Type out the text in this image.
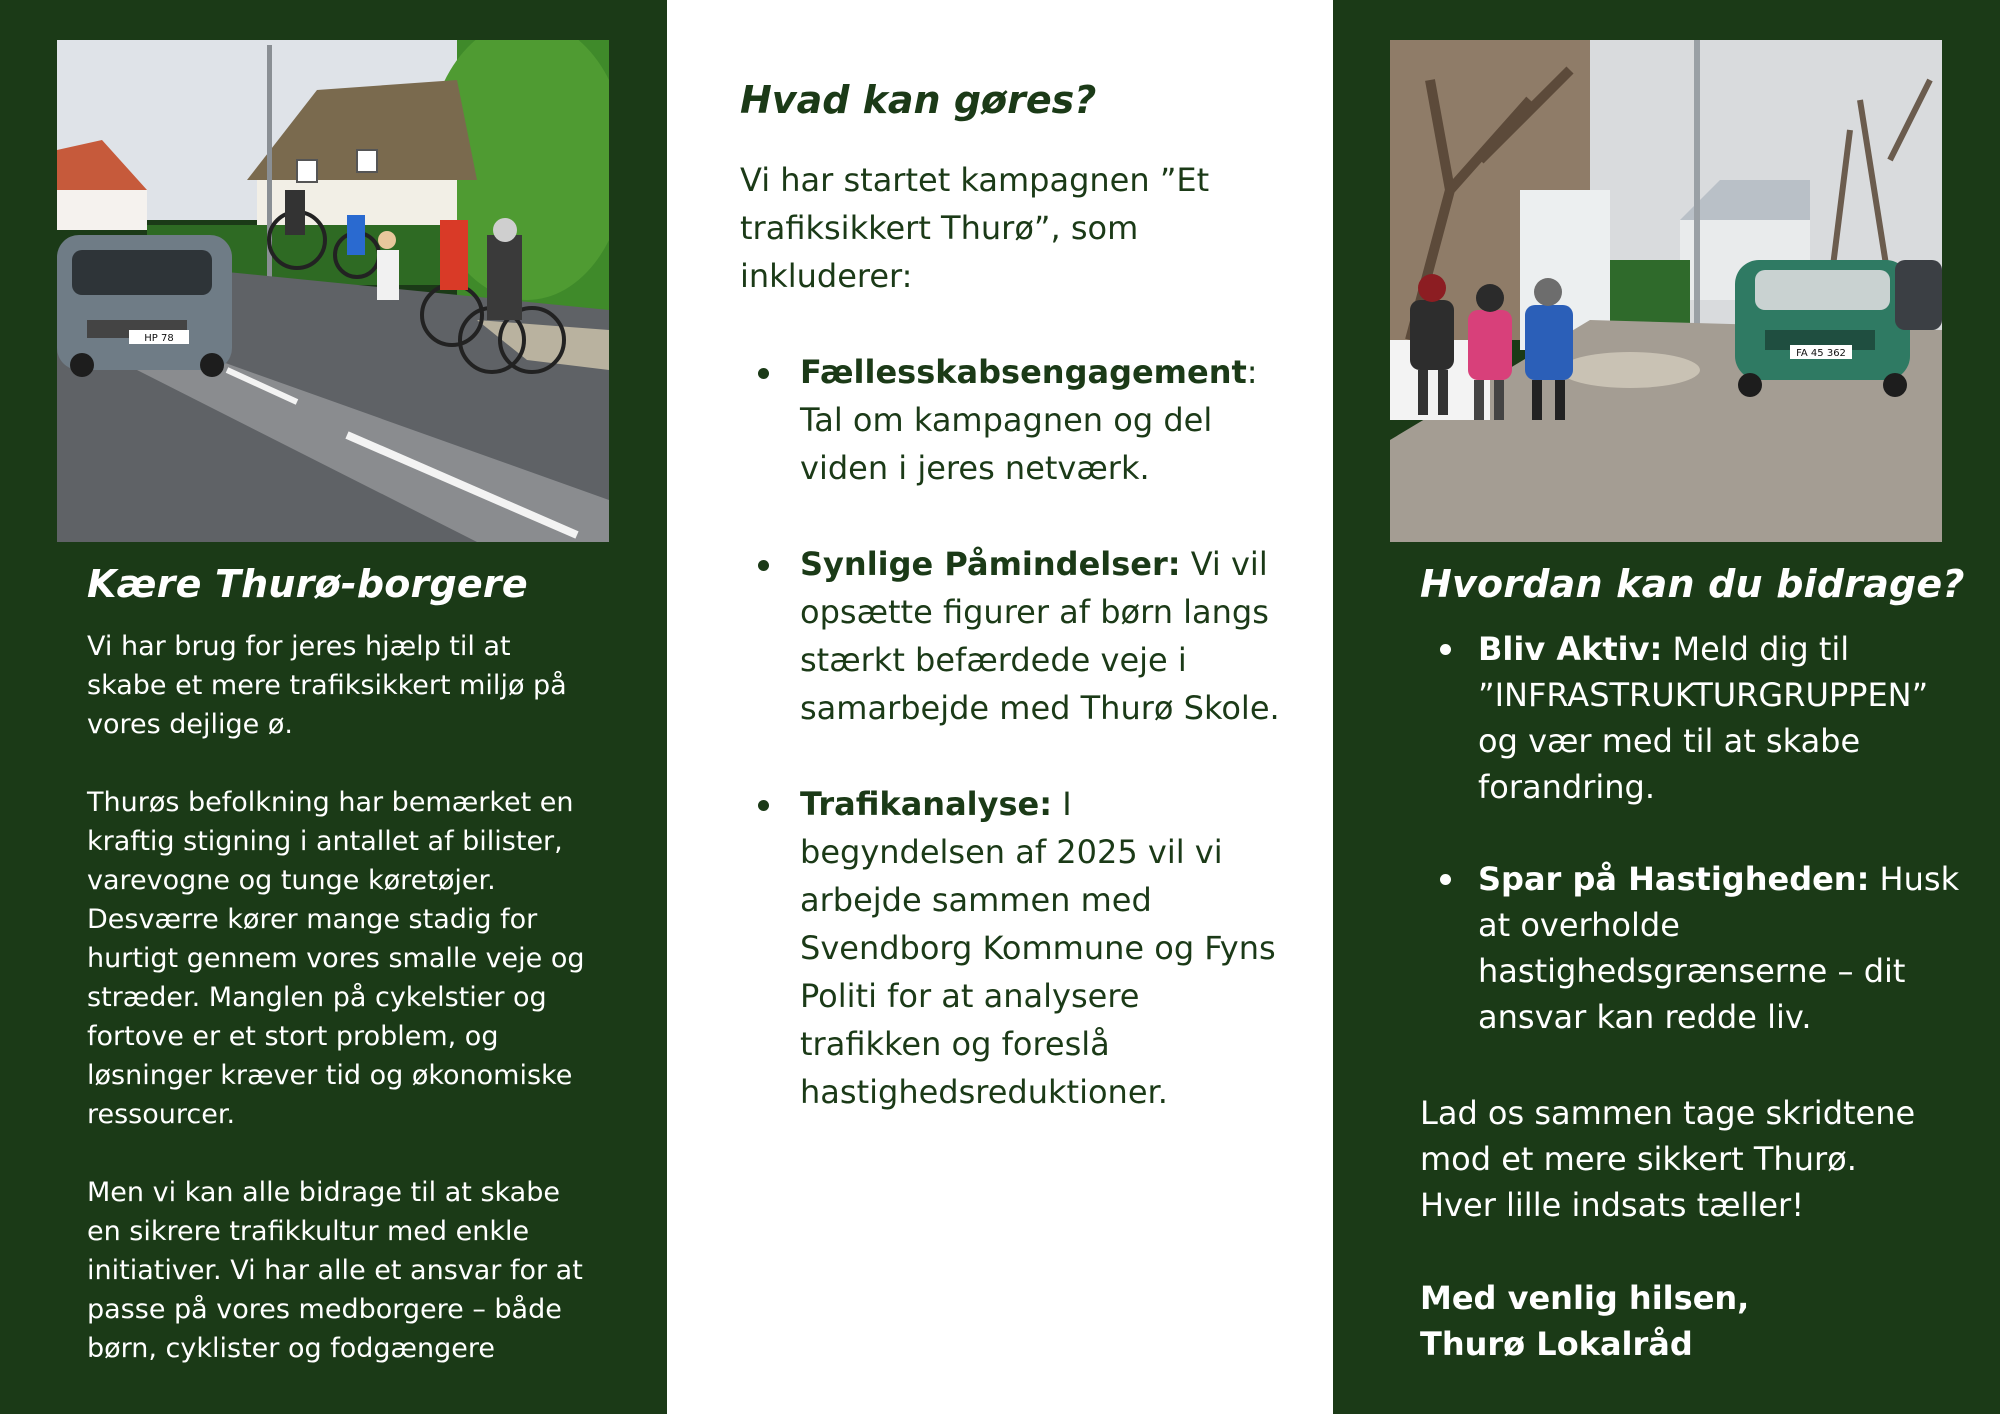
HP 78
Kære Thurø-borgere

Vi har brug for jeres hjælp til at skabe et mere trafiksikkert miljø på vores dejlige ø.

Thurøs befolkning har bemærket en kraftig stigning i antallet af bilister, varevogne og tunge køretøjer. Desværre kører mange stadig for hurtigt gennem vores smalle veje og stræder. Manglen på cykelstier og fortove er et stort problem, og løsninger kræver tid og økonomiske ressourcer.

Men vi kan alle bidrage til at skabe en sikrere trafikkultur med enkle initiativer. Vi har alle et ansvar for at passe på vores medborgere – både børn, cyklister og fodgængere

Hvad kan gøres?

Vi har startet kampagnen ”Et trafiksikkert Thurø”, som inkluderer:

Fællesskabsengagement: Tal om kampagnen og del viden i jeres netværk.
Synlige Påmindelser: Vi vil opsætte figurer af børn langs stærkt befærdede veje i samarbejde med Thurø Skole.
Trafikanalyse: I begyndelsen af 2025 vil vi arbejde sammen med Svendborg Kommune og Fyns Politi for at analysere trafikken og foreslå hastighedsreduktioner.
FA 45 362
Hvordan kan du bidrage?
Bliv Aktiv: Meld dig til ”INFRASTRUKTURGRUPPEN” og vær med til at skabe forandring.
Spar på Hastigheden: Husk at overholde hastighedsgrænserne – dit ansvar kan redde liv.

Lad os sammen tage skridtene mod et mere sikkert Thurø. Hver lille indsats tæller!

Med venlig hilsen,

Thurø Lokalråd
